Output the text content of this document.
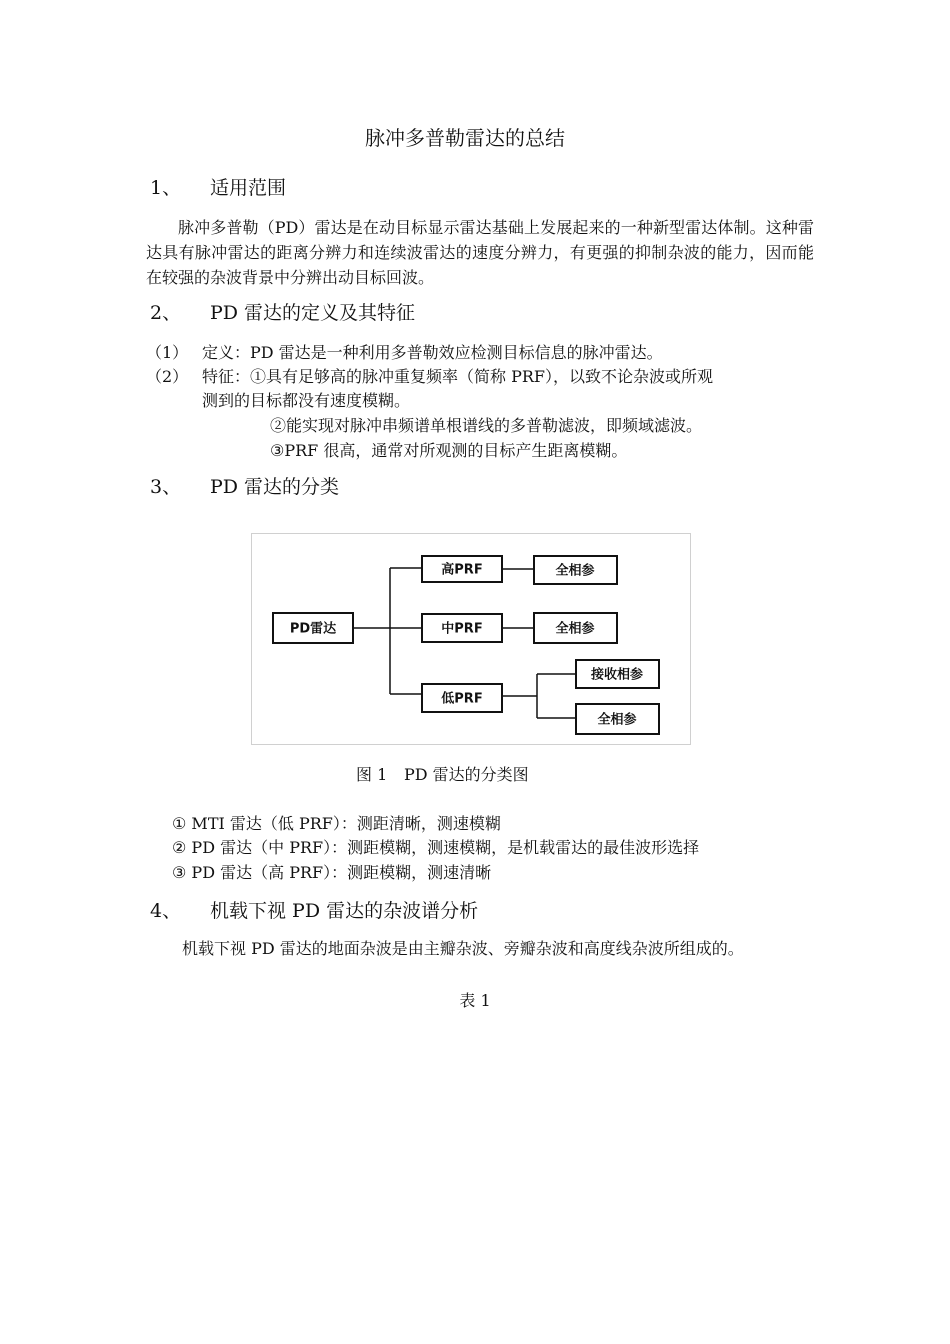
脉冲多普勒雷达的总结
1、 适用范围
脉冲多普勒（PD）雷达是在动目标显示雷达基础上发展起来的一种新型雷达体制。这种雷达具有脉冲雷达的距离分辨力和连续波雷达的速度分辨力，有更强的抑制杂波的能力，因而能在较强的杂波背景中分辨出动目标回波。
2、 PD 雷达的定义及其特征
（1） 定义：PD 雷达是一种利用多普勒效应检测目标信息的脉冲雷达。
（2） 特征：①具有足够高的脉冲重复频率（简称 PRF），以致不论杂波或所观
测到的目标都没有速度模糊。
②能实现对脉冲串频谱单根谱线的多普勒滤波，即频域滤波。
③PRF 很高，通常对所观测的目标产生距离模糊。
3、 PD 雷达的分类
PD雷达
高PRF
中PRF
低PRF
全相参
全相参
接收相参
全相参
图 1 PD 雷达的分类图
① MTI 雷达（低 PRF）：测距清晰，测速模糊
② PD 雷达（中 PRF）：测距模糊，测速模糊，是机载雷达的最佳波形选择
③ PD 雷达（高 PRF）：测距模糊，测速清晰
4、 机载下视 PD 雷达的杂波谱分析
机载下视 PD 雷达的地面杂波是由主瓣杂波、旁瓣杂波和高度线杂波所组成的。
表 1
